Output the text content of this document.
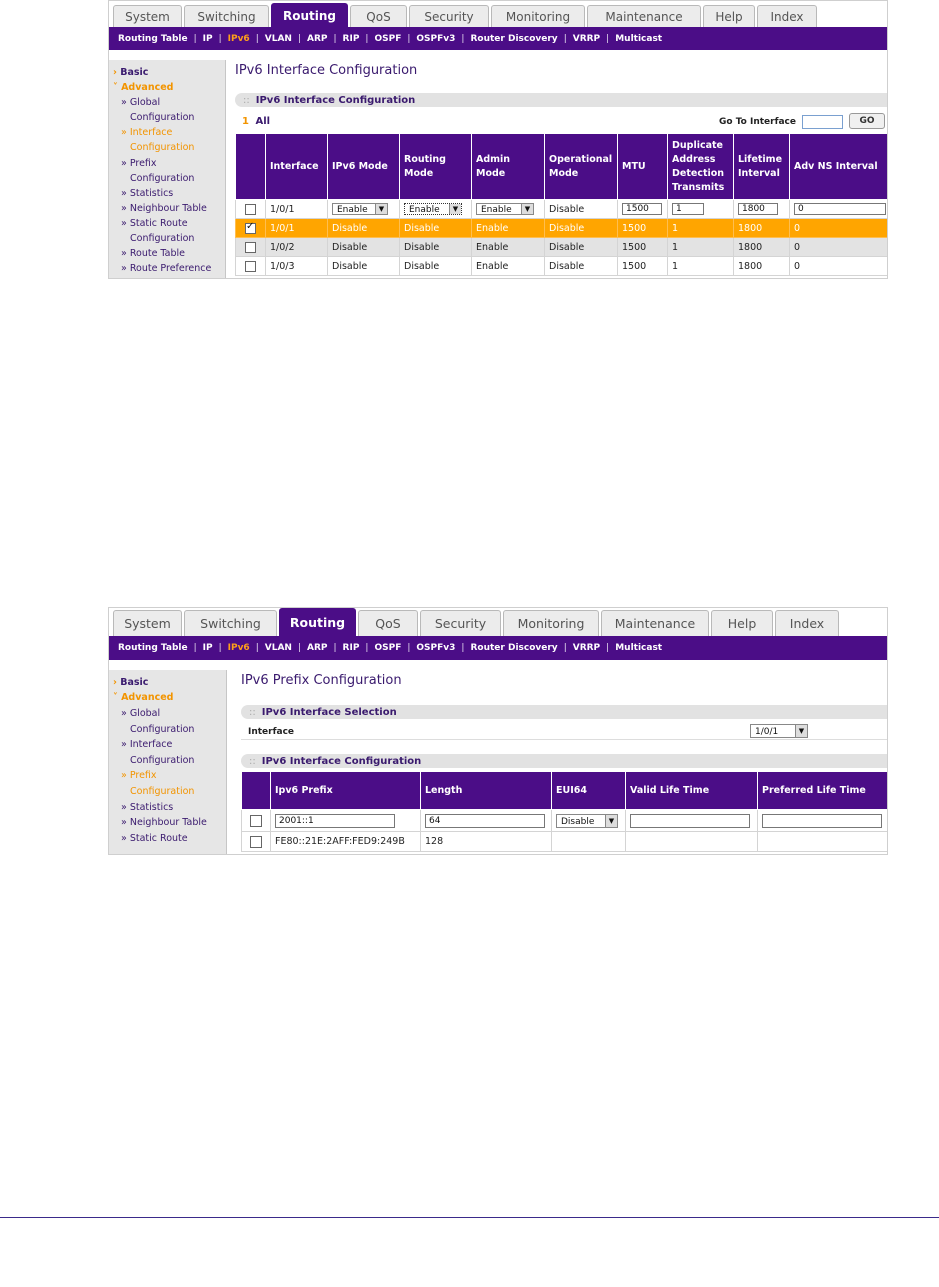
System	Switching	Routing	QoS	Security	Monitoring	Maintenance	Help	Index
Routing Table | IP | IPv6 | VLAN | ARP | RIP | OSPF | OSPFv3 | Router Discovery | VRRP | Multicast
› Basic
˅ Advanced
» Global
Configuration
» Interface
Configuration
» Prefix
Configuration
» Statistics
» Neighbour Table
» Static Route
Configuration
» Route Table
» Route Preference
IPv6 Interface Configuration
:: IPv6 Interface Configuration
1 All	Go To Interface	GO
	Interface	IPv6 Mode	Routing Mode	Admin Mode	Operational Mode	MTU	Duplicate Address Detection Transmits	Lifetime Interval	Adv NS Interval
	1/0/1	Enable ▼	Enable ▼	Enable ▼	Disable	1500	1	1800	0
✓	1/0/1	Disable	Disable	Enable	Disable	1500	1	1800	0
	1/0/2	Disable	Disable	Enable	Disable	1500	1	1800	0
	1/0/3	Disable	Disable	Enable	Disable	1500	1	1800	0
System	Switching	Routing	QoS	Security	Monitoring	Maintenance	Help	Index
Routing Table | IP | IPv6 | VLAN | ARP | RIP | OSPF | OSPFv3 | Router Discovery | VRRP | Multicast
› Basic
˅ Advanced
» Global
Configuration
» Interface
Configuration
» Prefix
Configuration
» Statistics
» Neighbour Table
» Static Route
IPv6 Prefix Configuration
:: IPv6 Interface Selection
Interface	1/0/1	▼
:: IPv6 Interface Configuration
	Ipv6 Prefix	Length	EUI64	Valid Life Time	Preferred Life Time
	2001::1	64	Disable ▼		

	FE80::21E:2AFF:FED9:249B	128			
